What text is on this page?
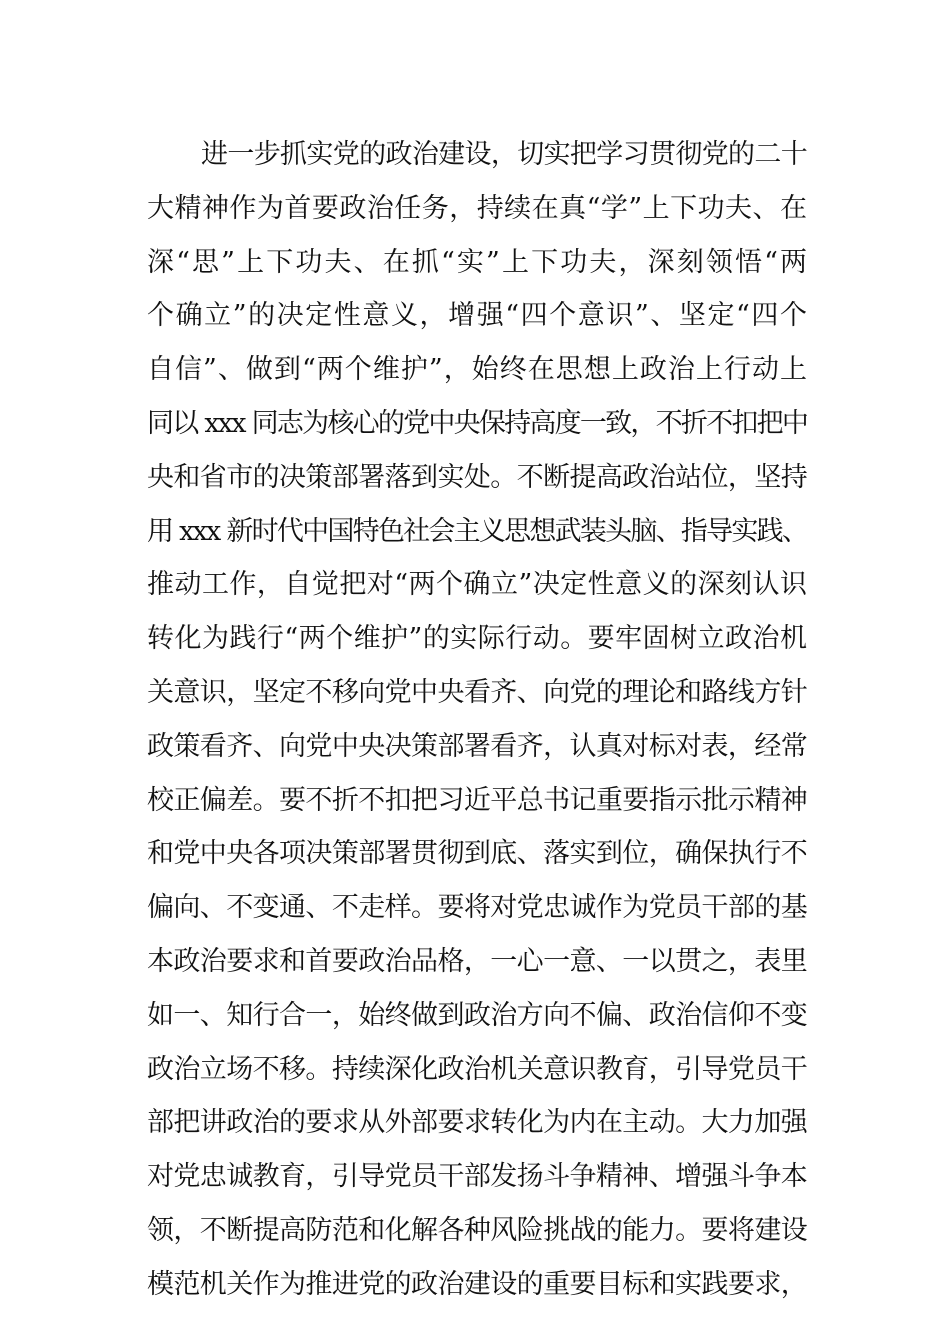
进一步抓实党的政治建设，切实把学习贯彻党的二十
大精神作为首要政治任务，持续在真“学”上下功夫、在
深“思”上下功夫、在抓“实”上下功夫，深刻领悟“两
个确立”的决定性意义，增强“四个意识”、坚定“四个
自信”、做到“两个维护”，始终在思想上政治上行动上
同以 xxx 同志为核心的党中央保持高度一致，不折不扣把中
央和省市的决策部署落到实处。不断提高政治站位，坚持
用 xxx 新时代中国特色社会主义思想武装头脑、指导实践、
推动工作，自觉把对“两个确立”决定性意义的深刻认识
转化为践行“两个维护”的实际行动。要牢固树立政治机
关意识，坚定不移向党中央看齐、向党的理论和路线方针
政策看齐、向党中央决策部署看齐，认真对标对表，经常
校正偏差。要不折不扣把习近平总书记重要指示批示精神
和党中央各项决策部署贯彻到底、落实到位，确保执行不
偏向、不变通、不走样。要将对党忠诚作为党员干部的基
本政治要求和首要政治品格，一心一意、一以贯之，表里
如一、知行合一，始终做到政治方向不偏、政治信仰不变
政治立场不移。持续深化政治机关意识教育，引导党员干
部把讲政治的要求从外部要求转化为内在主动。大力加强
对党忠诚教育，引导党员干部发扬斗争精神、增强斗争本
领，不断提高防范和化解各种风险挑战的能力。要将建设
模范机关作为推进党的政治建设的重要目标和实践要求，
